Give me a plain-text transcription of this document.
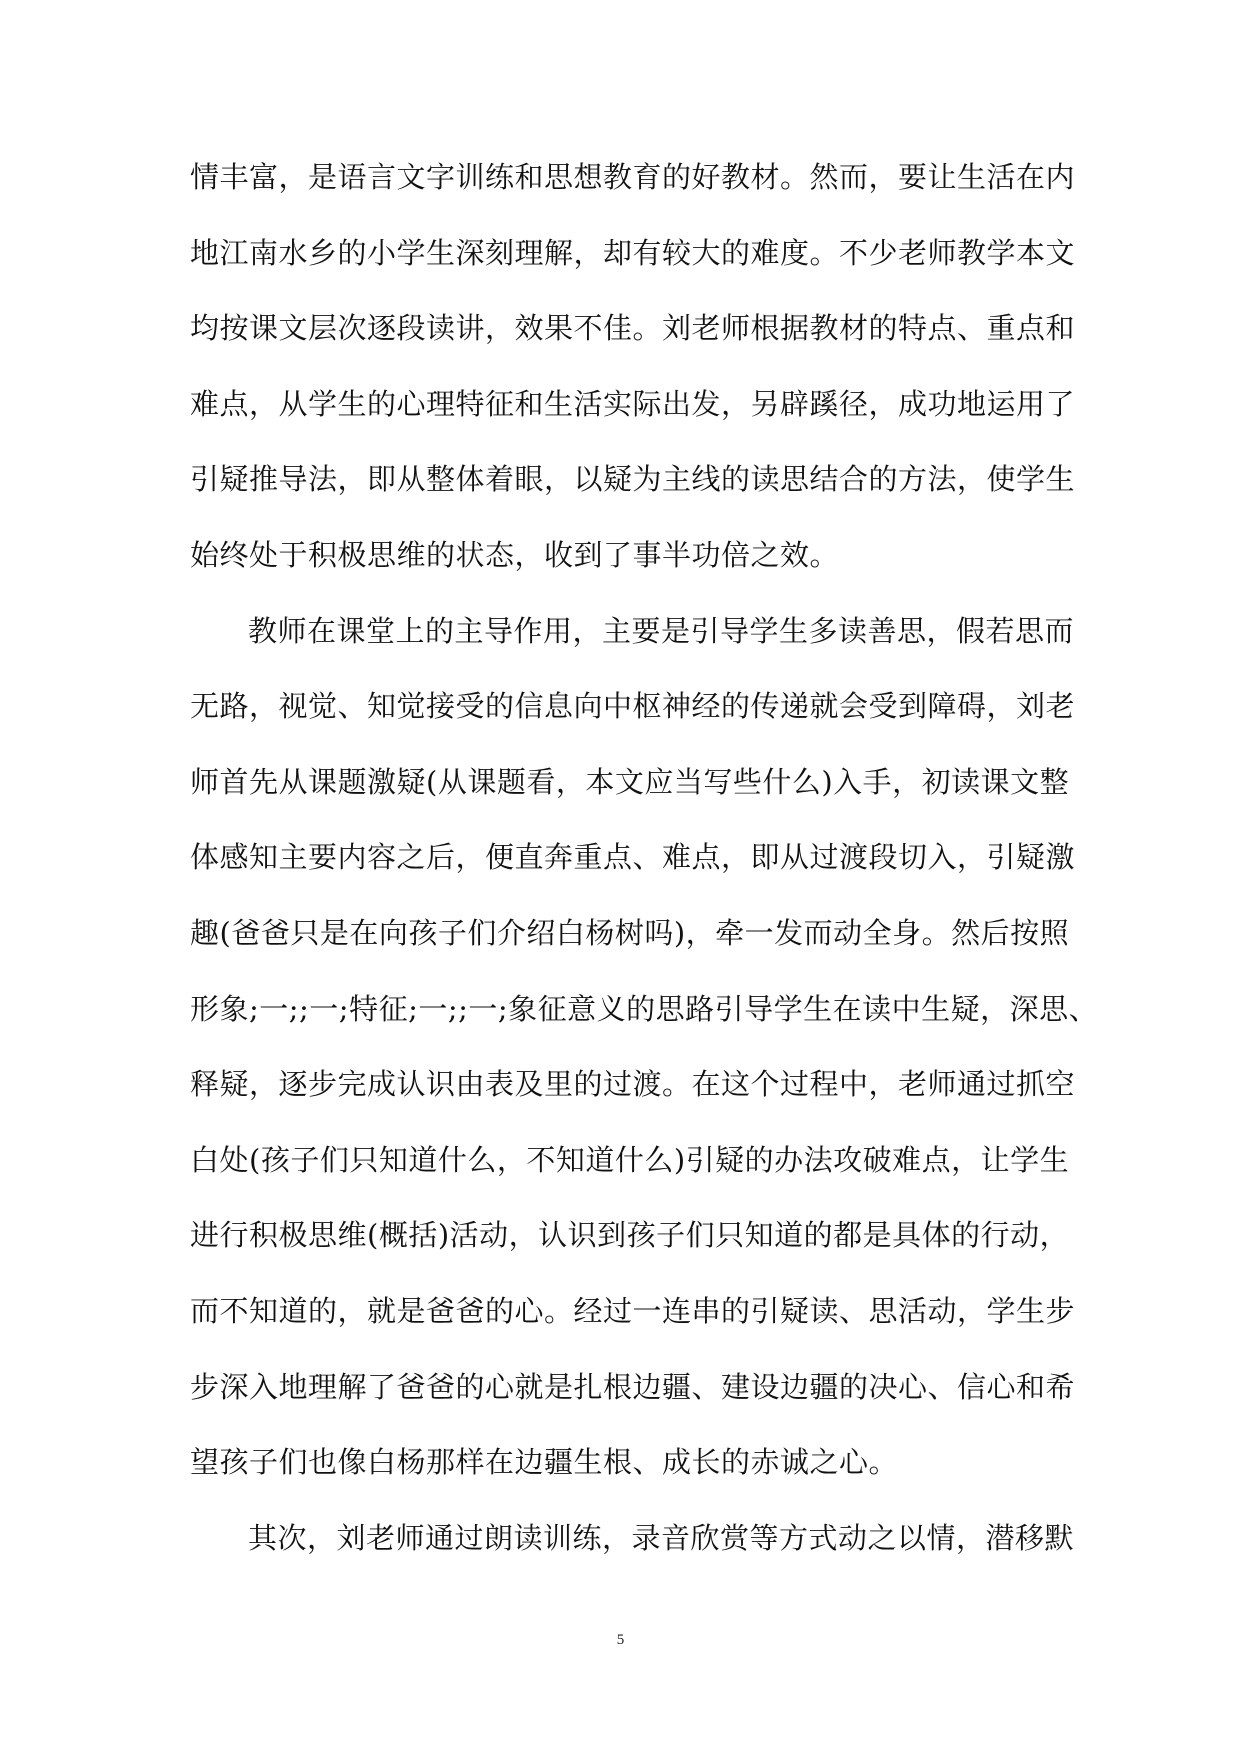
情丰富，是语言文字训练和思想教育的好教材。然而，要让生活在内
地江南水乡的小学生深刻理解，却有较大的难度。不少老师教学本文
均按课文层次逐段读讲，效果不佳。刘老师根据教材的特点、重点和
难点，从学生的心理特征和生活实际出发，另辟蹊径，成功地运用了
引疑推导法，即从整体着眼，以疑为主线的读思结合的方法，使学生
始终处于积极思维的状态，收到了事半功倍之效。
教师在课堂上的主导作用，主要是引导学生多读善思，假若思而
无路，视觉、知觉接受的信息向中枢神经的传递就会受到障碍，刘老
师首先从课题激疑(从课题看，本文应当写些什么)入手，初读课文整
体感知主要内容之后，便直奔重点、难点，即从过渡段切入，引疑激
趣(爸爸只是在向孩子们介绍白杨树吗)，牵一发而动全身。然后按照
形象;一;;一;特征;一;;一;象征意义的思路引导学生在读中生疑，深思、
释疑，逐步完成认识由表及里的过渡。在这个过程中，老师通过抓空
白处(孩子们只知道什么，不知道什么)引疑的办法攻破难点，让学生
进行积极思维(概括)活动，认识到孩子们只知道的都是具体的行动，
而不知道的，就是爸爸的心。经过一连串的引疑读、思活动，学生步
步深入地理解了爸爸的心就是扎根边疆、建设边疆的决心、信心和希
望孩子们也像白杨那样在边疆生根、成长的赤诚之心。
其次，刘老师通过朗读训练，录音欣赏等方式动之以情，潜移默
5
